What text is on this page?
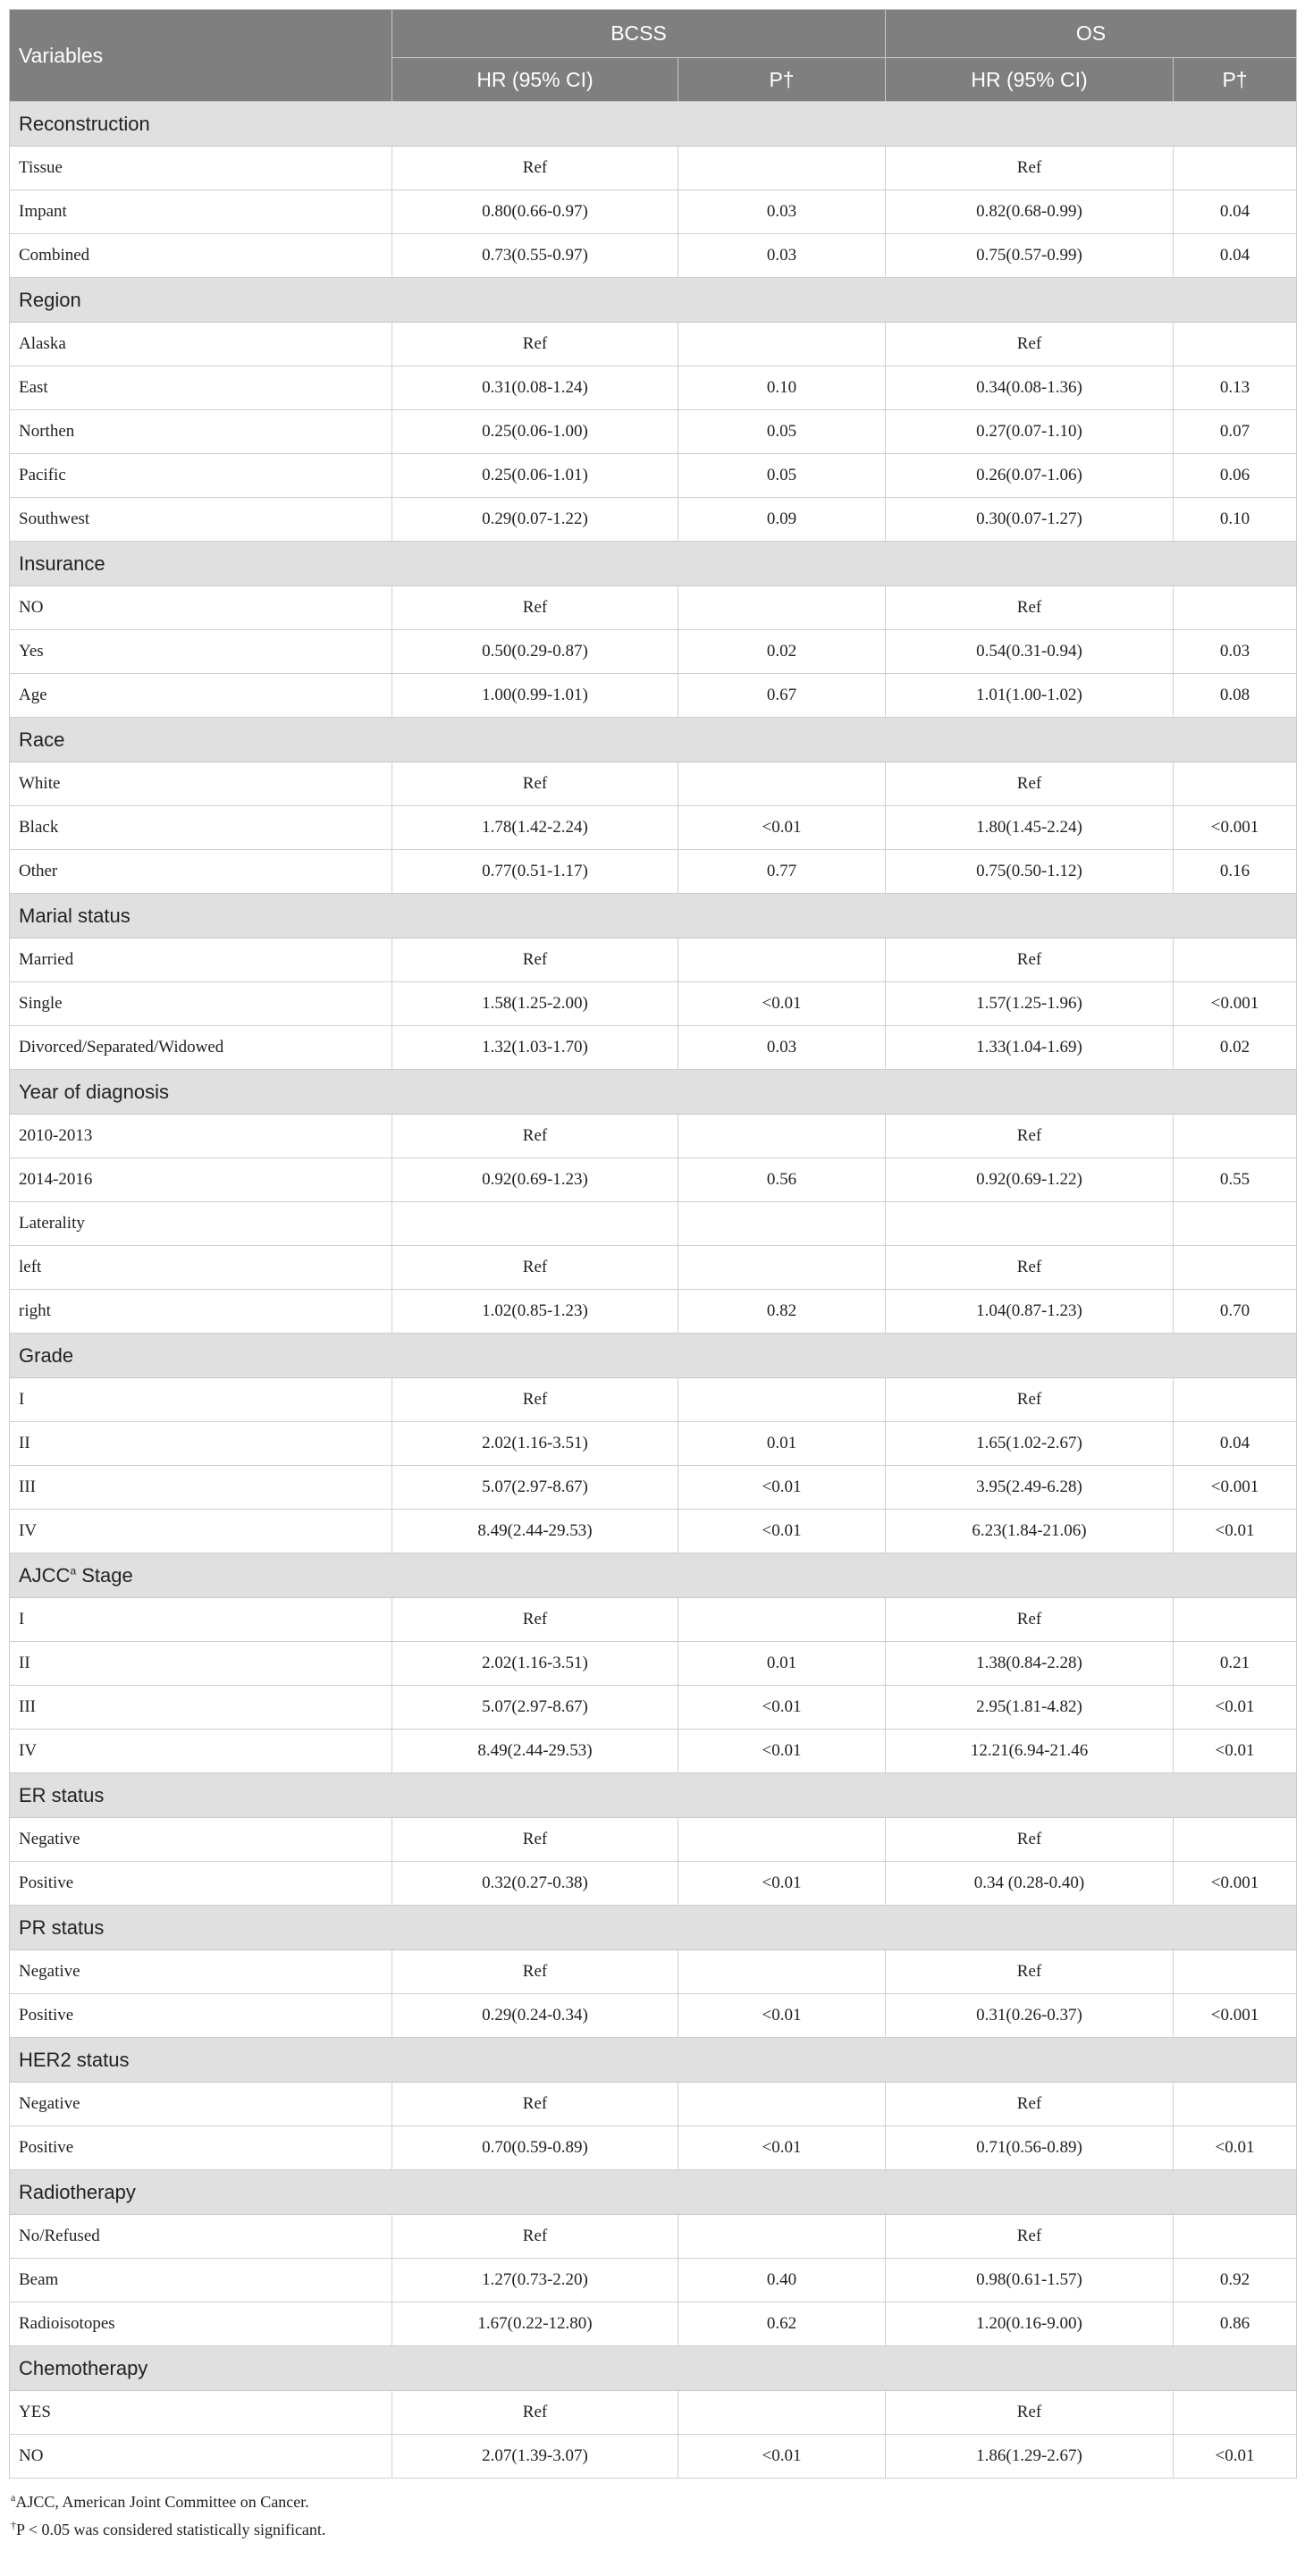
Variables	BCSS		OS	
	HR (95% CI)	P†	HR (95% CI)	P†
Reconstruction				
Tissue	Ref		Ref	
Impant	0.80(0.66-0.97)	0.03	0.82(0.68-0.99)	0.04
Combined	0.73(0.55-0.97)	0.03	0.75(0.57-0.99)	0.04
Region				
Alaska	Ref		Ref	
East	0.31(0.08-1.24)	0.10	0.34(0.08-1.36)	0.13
Northen	0.25(0.06-1.00)	0.05	0.27(0.07-1.10)	0.07
Pacific	0.25(0.06-1.01)	0.05	0.26(0.07-1.06)	0.06
Southwest	0.29(0.07-1.22)	0.09	0.30(0.07-1.27)	0.10
Insurance				
NO	Ref		Ref	
Yes	0.50(0.29-0.87)	0.02	0.54(0.31-0.94)	0.03
Age	1.00(0.99-1.01)	0.67	1.01(1.00-1.02)	0.08
Race				
White	Ref		Ref	
Black	1.78(1.42-2.24)	<0.01	1.80(1.45-2.24)	<0.001
Other	0.77(0.51-1.17)	0.77	0.75(0.50-1.12)	0.16
Marial status				
Married	Ref		Ref	
Single	1.58(1.25-2.00)	<0.01	1.57(1.25-1.96)	<0.001
Divorced/Separated/Widowed	1.32(1.03-1.70)	0.03	1.33(1.04-1.69)	0.02
Year of diagnosis				
2010-2013	Ref		Ref	
2014-2016	0.92(0.69-1.23)	0.56	0.92(0.69-1.22)	0.55
Laterality				
left	Ref		Ref	
right	1.02(0.85-1.23)	0.82	1.04(0.87-1.23)	0.70
Grade				
I	Ref		Ref	
II	2.02(1.16-3.51)	0.01	1.65(1.02-2.67)	0.04
III	5.07(2.97-8.67)	<0.01	3.95(2.49-6.28)	<0.001
IV	8.49(2.44-29.53)	<0.01	6.23(1.84-21.06)	<0.01
AJCC$^a$ Stage				
I	Ref		Ref	
II	2.02(1.16-3.51)	0.01	1.38(0.84-2.28)	0.21
III	5.07(2.97-8.67)	<0.01	2.95(1.81-4.82)	<0.01
IV	8.49(2.44-29.53)	<0.01	12.21(6.94-21.46	<0.01
ER status				
Negative	Ref		Ref	
Positive	0.32(0.27-0.38)	<0.01	0.34 (0.28-0.40)	<0.001
PR status				
Negative	Ref		Ref	
Positive	0.29(0.24-0.34)	<0.01	0.31(0.26-0.37)	<0.001
HER2 status				
Negative	Ref		Ref	
Positive	0.70(0.59-0.89)	<0.01	0.71(0.56-0.89)	<0.01
Radiotherapy				
No/Refused	Ref		Ref	
Beam	1.27(0.73-2.20)	0.40	0.98(0.61-1.57)	0.92
Radioisotopes	1.67(0.22-12.80)	0.62	1.20(0.16-9.00)	0.86
Chemotherapy				
YES	Ref		Ref	
NO	2.07(1.39-3.07)	<0.01	1.86(1.29-2.67)	<0.01
$^a$AJCC, American Joint Committee on Cancer.
†P < 0.05 was considered statistically significant.
